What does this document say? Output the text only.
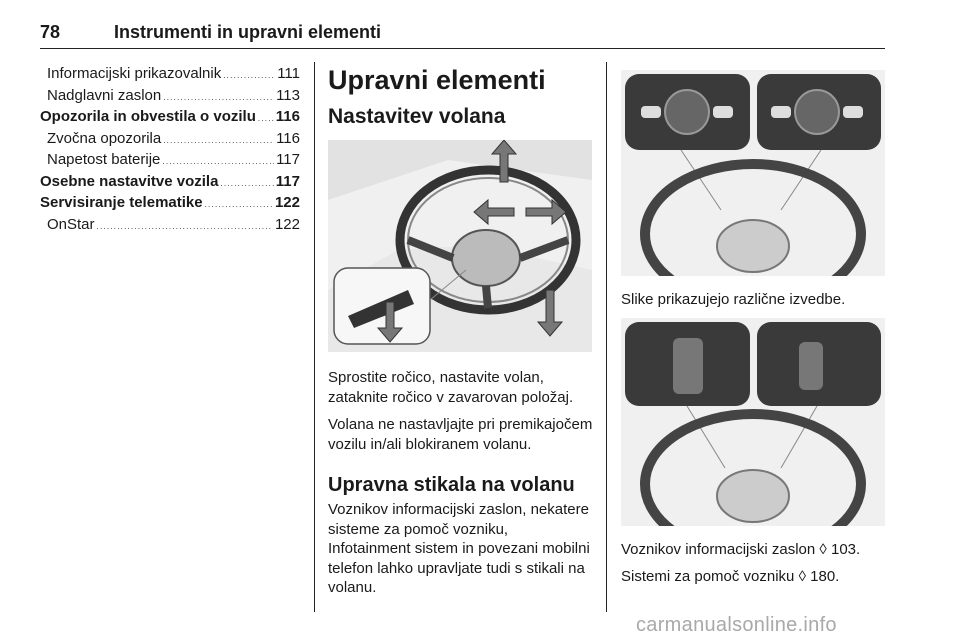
78	Instrumenti in upravni elementi
Informacijski prikazovalnik . . .	111
Nadglavni zaslon . . .	113
Opozorila in obvestila o vozilu . . . 116
Zvočna opozorila . . .	116
Napetost baterije . . .	117
Osebne nastavitve vozila . . .	117
Servisiranje telematike . . .	122
OnStar . . .	122
Upravni elementi
Nastavitev volana

Sprostite ročico, nastavite volan, zataknite ročico v zavarovan položaj.

Volana ne nastavljajte pri premikajočem vozilu in/ali blokiranem volanu.

Upravna stikala na volanu

Voznikov informacijski zaslon, nekatere sisteme za pomoč vozniku, Infotainment sistem in povezani mobilni telefon lahko upravljate tudi s stikali na volanu.

Slike prikazujejo različne izvedbe.

Voznikov informacijski zaslon ◊ 103.

Sistemi za pomoč vozniku ◊ 180.

carmanualsonline.info
